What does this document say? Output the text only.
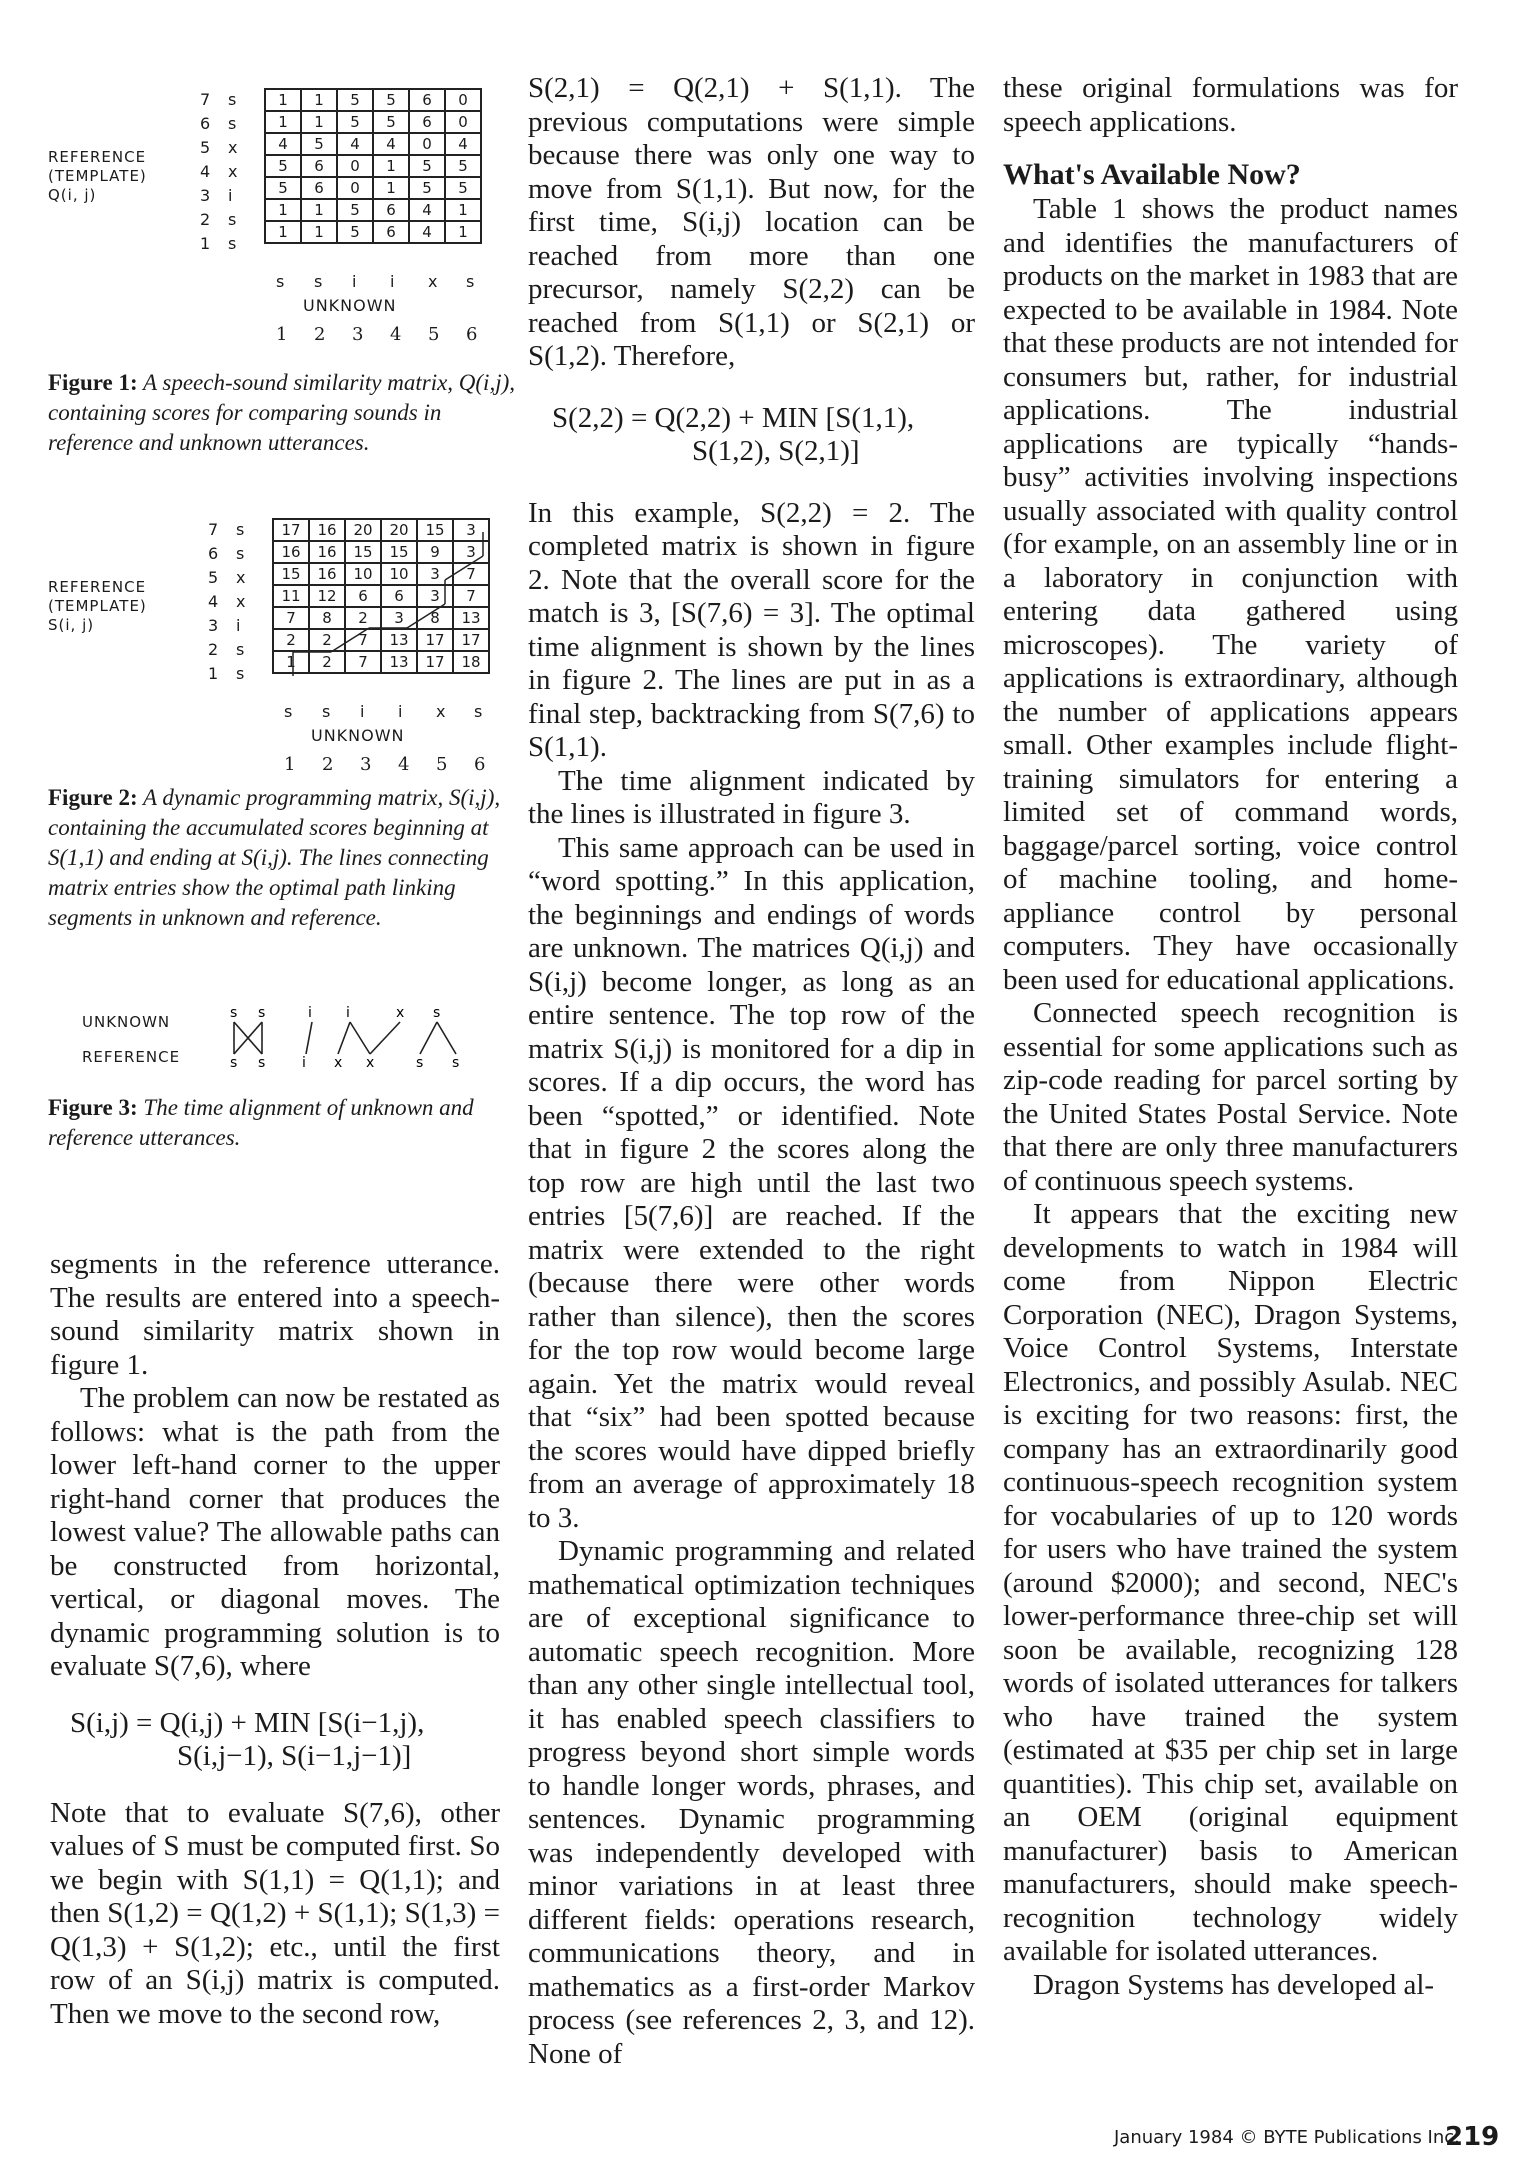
REFERENCE
(TEMPLATE)
Q(i, j)
7 s
6 s
5 x
4 x
3 i
2 s
1 s
1	1	5	5	6	0
1	1	5	5	6	0
4	5	4	4	0	4
5	6	0	1	5	5
5	6	0	1	5	5
1	1	5	6	4	1
1	1	5	6	4	1
s s i i x s
1 2 3 4 5 6
UNKNOWN

Figure 1: A speech-sound similarity matrix, Q(i,j), containing scores for comparing sounds in reference and unknown utterances.

REFERENCE
(TEMPLATE)
S(i, j)
7 s
6 s
5 x
4 x
3 i
2 s
1 s
17	16	20	20	15	3
16	16	15	15	9	3
15	16	10	10	3	7
11	12	6	6	3	7
7	8	2	3	8	13
2	2	7	13	17	17
1	2	7	13	17	18
s s i i x s
1 2 3 4 5 6
UNKNOWN

Figure 2: A dynamic programming matrix, S(i,j), containing the accumulated scores beginning at S(1,1) and ending at S(i,j). The lines connecting matrix entries show the optimal path linking segments in unknown and reference.

UNKNOWN
REFERENCE
s s	i i	x s
s s	i x x	s s

Figure 3: The time alignment of unknown and reference utterances.

segments in the reference utterance. The results are entered into a speech-sound similarity matrix shown in figure 1.

The problem can now be restated as follows: what is the path from the lower left-hand corner to the upper right-hand corner that produces the lowest value? The allowable paths can be constructed from horizontal, vertical, or diagonal moves. The dynamic programming solution is to evaluate S(7,6), where

S(i,j) = Q(i,j) + MIN [S(i−1,j),

S(i,j−1), S(i−1,j−1)]

Note that to evaluate S(7,6), other values of S must be computed first. So we begin with S(1,1) = Q(1,1); and then S(1,2) = Q(1,2) + S(1,1); S(1,3) = Q(1,3) + S(1,2); etc., until the first row of an S(i,j) matrix is computed. Then we move to the second row,

S(2,1) = Q(2,1) + S(1,1). The previous computations were simple because there was only one way to move from S(1,1). But now, for the first time, S(i,j) location can be reached from more than one precursor, namely S(2,2) can be reached from S(1,1) or S(2,1) or S(1,2). Therefore,

S(2,2) = Q(2,2) + MIN [S(1,1),

S(1,2), S(2,1)]

In this example, S(2,2) = 2. The completed matrix is shown in figure 2. Note that the overall score for the match is 3, [S(7,6) = 3]. The optimal time alignment is shown by the lines in figure 2. The lines are put in as a final step, backtracking from S(7,6) to S(1,1).

The time alignment indicated by the lines is illustrated in figure 3.

This same approach can be used in “word spotting.” In this application, the beginnings and endings of words are unknown. The matrices Q(i,j) and S(i,j) become longer, as long as an entire sentence. The top row of the matrix S(i,j) is monitored for a dip in scores. If a dip occurs, the word has been “spotted,” or identified. Note that in figure 2 the scores along the top row are high until the last two entries [5(7,6)] are reached. If the matrix were extended to the right (because there were other words rather than silence), then the scores for the top row would become large again. Yet the matrix would reveal that “six” had been spotted because the scores would have dipped briefly from an average of approximately 18 to 3.

Dynamic programming and related mathematical optimization techniques are of exceptional significance to automatic speech recognition. More than any other single intellectual tool, it has enabled speech classifiers to progress beyond short simple words to handle longer words, phrases, and sentences. Dynamic programming was independently developed with minor variations in at least three different fields: operations research, communications theory, and in mathematics as a first-order Markov process (see references 2, 3, and 12). None of

these original formulations was for speech applications.

What's Available Now?

Table 1 shows the product names and identifies the manufacturers of products on the market in 1983 that are expected to be available in 1984. Note that these products are not intended for consumers but, rather, for industrial applications. The industrial applications are typically “hands-busy” activities involving inspections usually associated with quality control (for example, on an assembly line or in a laboratory in conjunction with entering data gathered using microscopes). The variety of applications is extraordinary, although the number of applications appears small. Other examples include flight-training simulators for entering a limited set of command words, baggage/parcel sorting, voice control of machine tooling, and home-appliance control by personal computers. They have occasionally been used for educational applications.

Connected speech recognition is essential for some applications such as zip-code reading for parcel sorting by the United States Postal Service. Note that there are only three manufacturers of continuous speech systems.

It appears that the exciting new developments to watch in 1984 will come from Nippon Electric Corporation (NEC), Dragon Systems, Voice Control Systems, Interstate Electronics, and possibly Asulab. NEC is exciting for two reasons: first, the company has an extraordinarily good continuous-speech recognition system for vocabularies of up to 120 words for users who have trained the system (around $2000); and second, NEC's lower-performance three-chip set will soon be available, recognizing 128 words of isolated utterances for talkers who have trained the system (estimated at $35 per chip set in large quantities). This chip set, available on an OEM (original equipment manufacturer) basis to American manufacturers, should make speech-recognition technology widely available for isolated utterances.

Dragon Systems has developed al-

January 1984 © BYTE Publications Inc.
219
